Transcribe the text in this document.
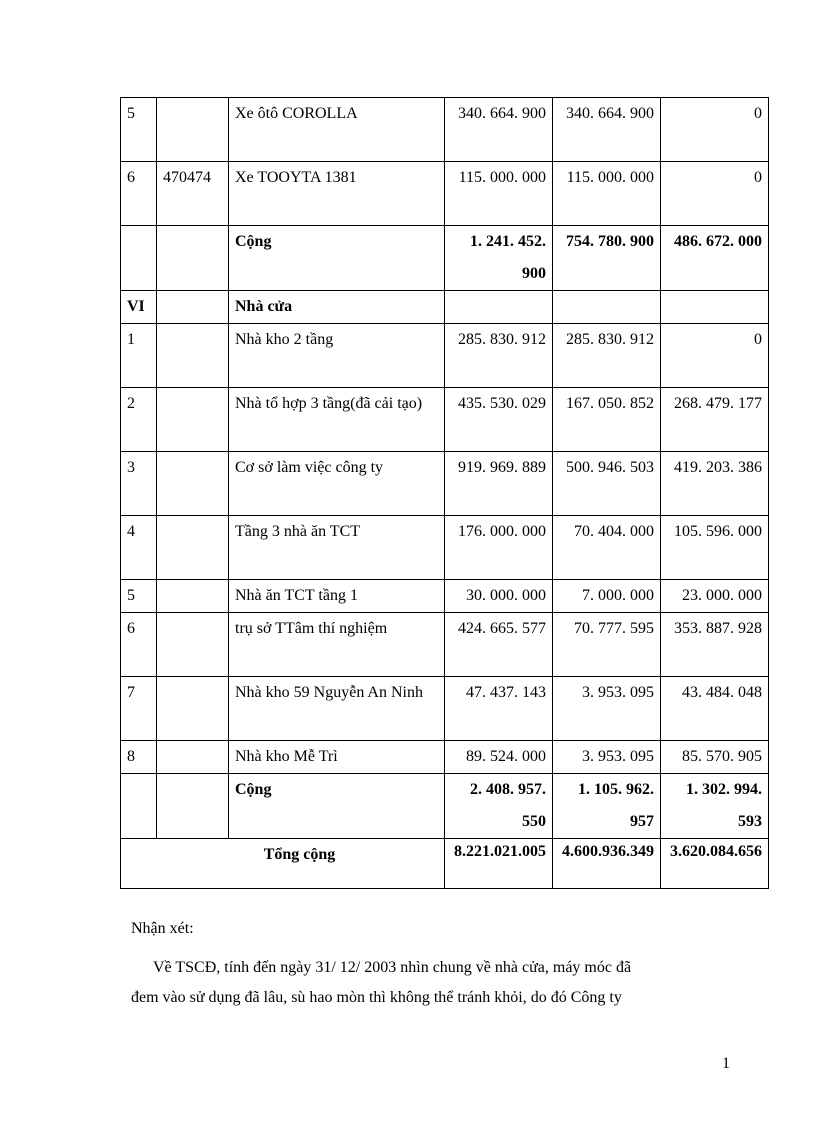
5		Xe ôtô COROLLA	340. 664. 900	340. 664. 900	0
6	470474	Xe TOOYTA 1381	115. 000. 000	115. 000. 000	0
		Cộng	1. 241. 452. 900	754. 780. 900	486. 672. 000
VI		Nhà cửa			
1		Nhà kho 2 tầng	285. 830. 912	285. 830. 912	0
2		Nhà tổ hợp 3 tầng(đã cải tạo)	435. 530. 029	167. 050. 852	268. 479. 177
3		Cơ sở làm việc công ty	919. 969. 889	500. 946. 503	419. 203. 386
4		Tầng 3 nhà ăn TCT	176. 000. 000	70. 404. 000	105. 596. 000
5		Nhà ăn TCT tầng 1	30. 000. 000	7. 000. 000	23. 000. 000
6		trụ sở TTâm thí nghiệm	424. 665. 577	70. 777. 595	353. 887. 928
7		Nhà kho 59 Nguyễn An Ninh	47. 437. 143	3. 953. 095	43. 484. 048
8		Nhà kho Mễ Trì	89. 524. 000	3. 953. 095	85. 570. 905
		Cộng	2. 408. 957. 550	1. 105. 962. 957	1. 302. 994. 593
Tổng cộng			8.221.021.005	4.600.936.349	3.620.084.656
Nhận xét:
Về TSCĐ, tính đến ngày 31/ 12/ 2003 nhìn chung về nhà cửa, máy móc đã
đem vào sử dụng đã lâu, sù hao mòn thì không thể tránh khỏi, do đó Công ty
1
